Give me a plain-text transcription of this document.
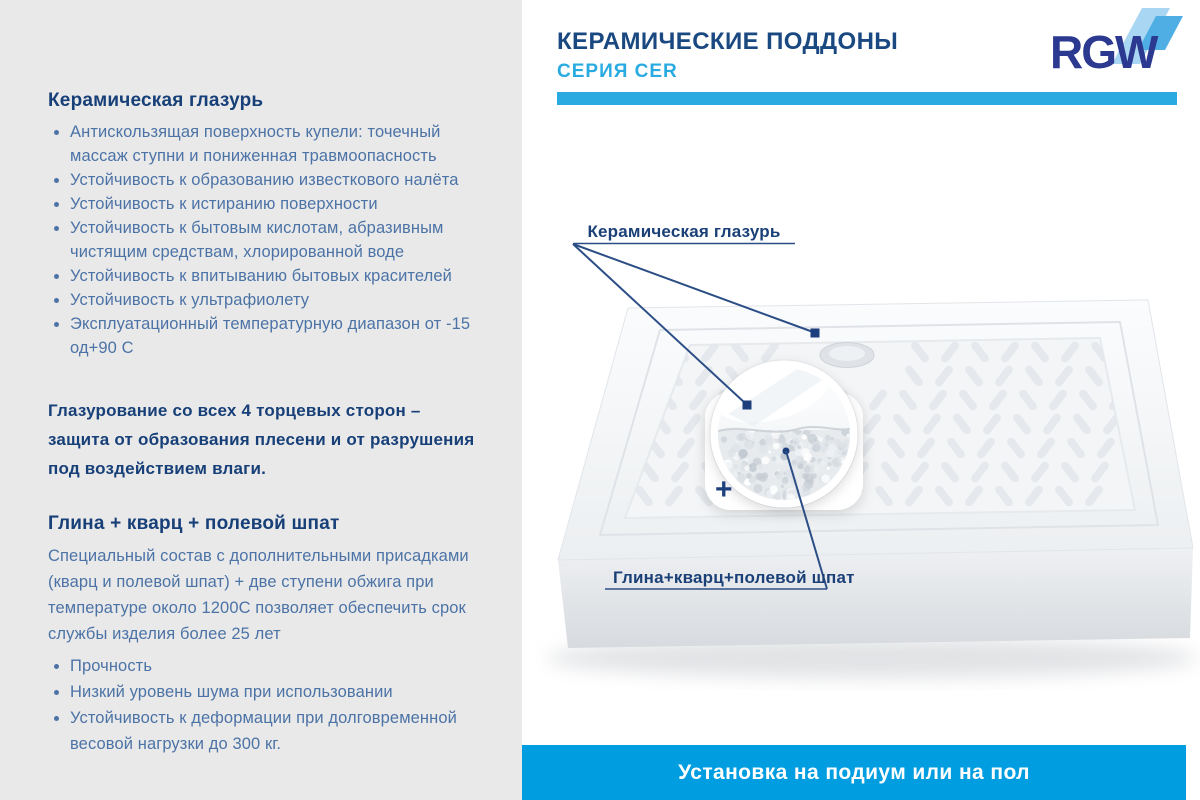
Керамическая глазурь
• Антискользящая поверхность купели: точечный массаж ступни и пониженная травмоопасность
• Устойчивость к образованию известкового налёта
• Устойчивость к истиранию поверхности
• Устойчивость к бытовым кислотам, абразивным чистящим средствам, хлорированной воде
• Устойчивость к впитыванию бытовых красителей
• Устойчивость к ультрафиолету
• Эксплуатационный температурную диапазон от -15 од+90 С

Глазурование со всех 4 торцевых сторон – защита от образования плесени и от разрушения под воздействием влаги.

Глина + кварц + полевой шпат

Специальный состав с дополнительными присадками (кварц и полевой шпат) + две ступени обжига при температуре около 1200С позволяет обеспечить срок службы изделия более 25 лет

• Прочность
• Низкий уровень шума при использовании
• Устойчивость к деформации при долговременной весовой нагрузки до 300 кг.
КЕРАМИЧЕСКИЕ ПОДДОНЫ
СЕРИЯ CER	RGW
+
Керамическая глазурь
Глина+кварц+полевой шпат
Установка на подиум или на пол
